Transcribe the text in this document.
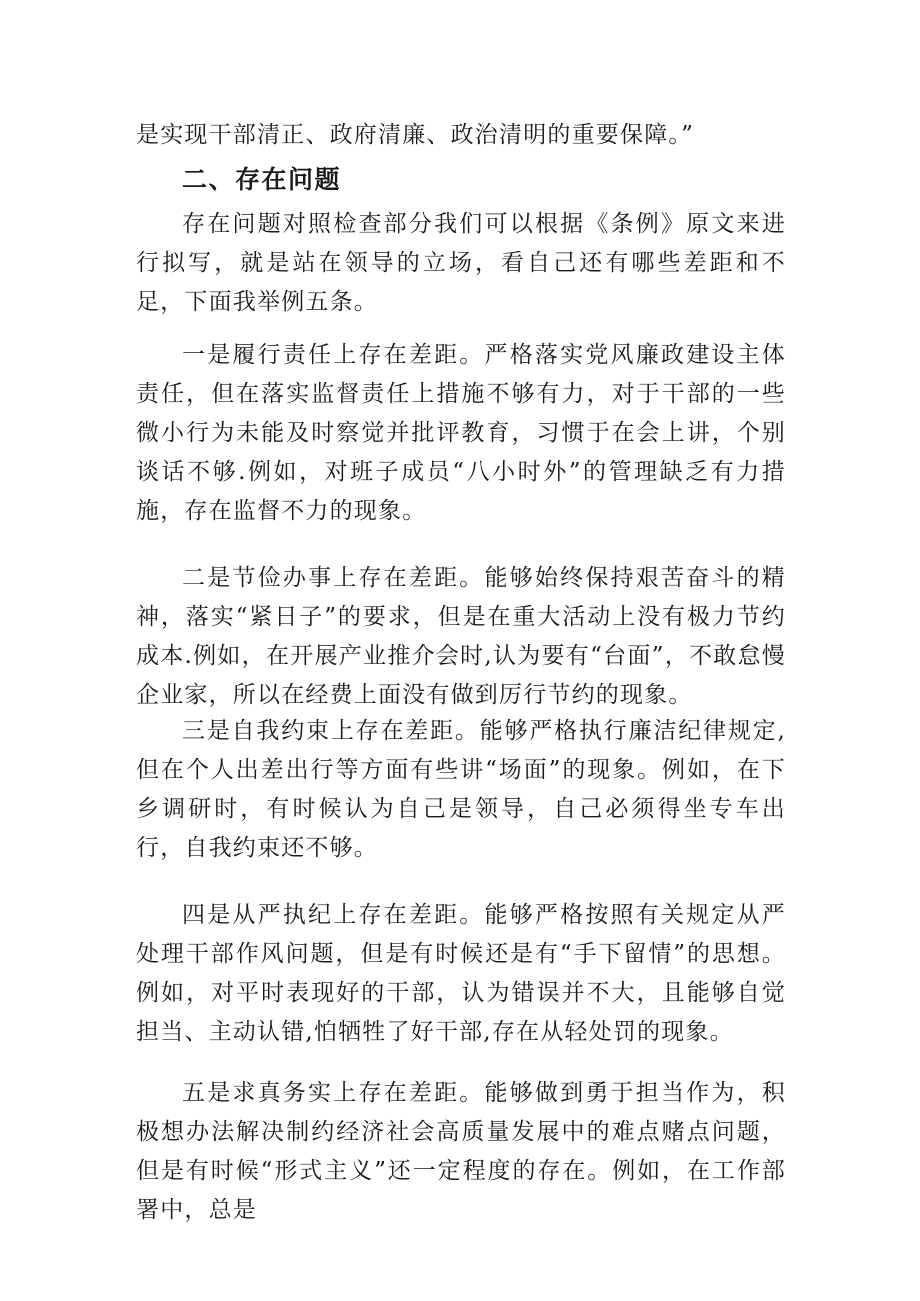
是实现干部清正、政府清廉、政治清明的重要保障。”

二、存在问题

存在问题对照检查部分我们可以根据《条例》原文来进行拟写，就是站在领导的立场，看自己还有哪些差距和不足，下面我举例五条。

一是履行责任上存在差距。严格落实党风廉政建设主体责任，但在落实监督责任上措施不够有力，对于干部的一些微小行为未能及时察觉并批评教育，习惯于在会上讲，个别谈话不够.例如，对班子成员“八小时外”的管理缺乏有力措施，存在监督不力的现象。

二是节俭办事上存在差距。能够始终保持艰苦奋斗的精神，落实“紧日子”的要求，但是在重大活动上没有极力节约成本.例如，在开展产业推介会时,认为要有“台面”，不敢怠慢企业家，所以在经费上面没有做到厉行节约的现象。

三是自我约束上存在差距。能够严格执行廉洁纪律规定,但在个人出差出行等方面有些讲“场面”的现象。例如，在下乡调研时，有时候认为自己是领导，自己必须得坐专车出行，自我约束还不够。

四是从严执纪上存在差距。能够严格按照有关规定从严处理干部作风问题，但是有时候还是有“手下留情”的思想。例如，对平时表现好的干部，认为错误并不大，且能够自觉担当、主动认错,怕牺牲了好干部,存在从轻处罚的现象。

五是求真务实上存在差距。能够做到勇于担当作为，积极想办法解决制约经济社会高质量发展中的难点赌点问题，但是有时候“形式主义”还一定程度的存在。例如，在工作部署中，总是
